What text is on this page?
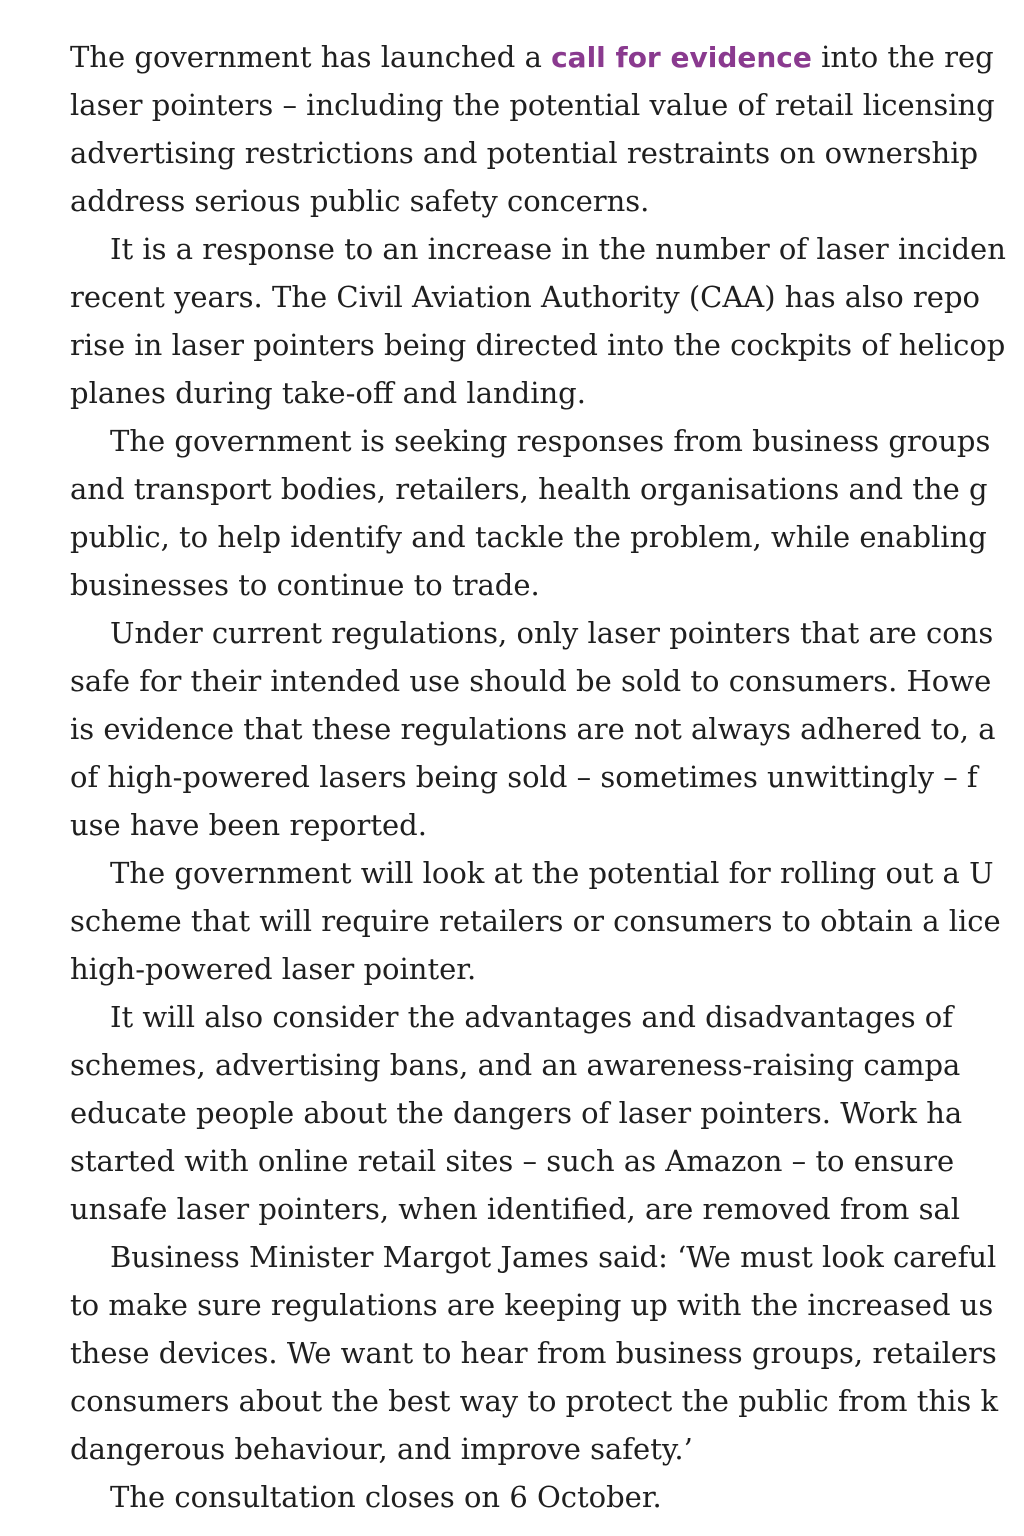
The government has launched a call for evidence into the reg
laser pointers – including the potential value of retail licensing
advertising restrictions and potential restraints on ownership
address serious public safety concerns.
It is a response to an increase in the number of laser inciden
recent years. The Civil Aviation Authority (CAA) has also repo
rise in laser pointers being directed into the cockpits of helicop
planes during take-off and landing.
The government is seeking responses from business groups
and transport bodies, retailers, health organisations and the g
public, to help identify and tackle the problem, while enabling
businesses to continue to trade.
Under current regulations, only laser pointers that are cons
safe for their intended use should be sold to consumers. Howe
is evidence that these regulations are not always adhered to, a
of high-powered lasers being sold – sometimes unwittingly – f
use have been reported.
The government will look at the potential for rolling out a U
scheme that will require retailers or consumers to obtain a lice
high-powered laser pointer.
It will also consider the advantages and disadvantages of
schemes, advertising bans, and an awareness-raising campa
educate people about the dangers of laser pointers. Work ha
started with online retail sites – such as Amazon – to ensure
unsafe laser pointers, when identified, are removed from sal
Business Minister Margot James said: ‘We must look careful
to make sure regulations are keeping up with the increased us
these devices. We want to hear from business groups, retailers
consumers about the best way to protect the public from this k
dangerous behaviour, and improve safety.’
The consultation closes on 6 October.
